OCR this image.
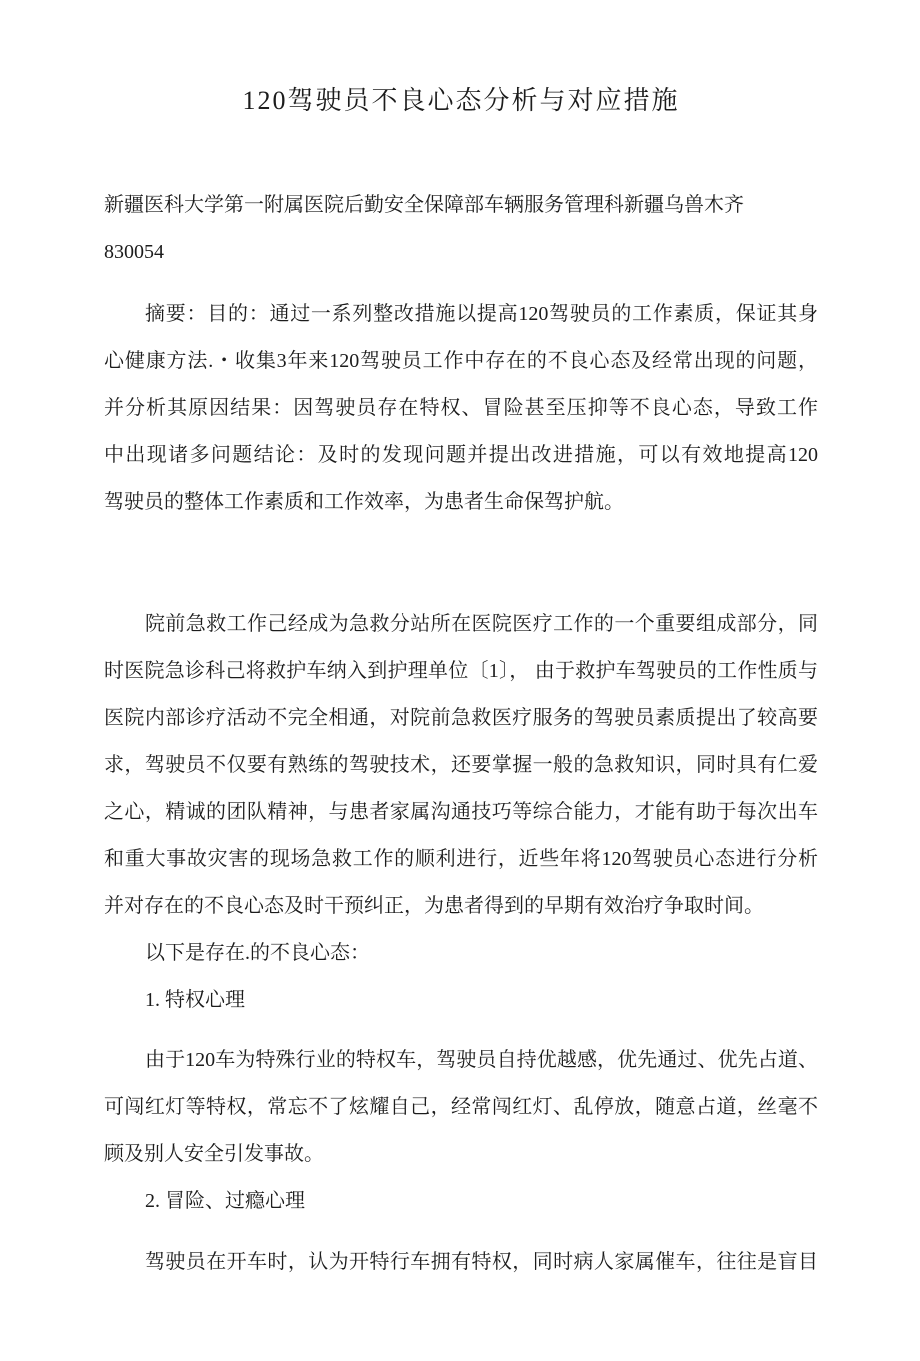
120驾驶员不良心态分析与对应措施
新疆医科大学第一附属医院后勤安全保障部车辆服务管理科新疆乌兽木齐
830054
摘要：目的：通过一系列整改措施以提高120驾驶员的工作素质，保证其身
心健康方法.・收集3年来120驾驶员工作中存在的不良心态及经常出现的问题，
并分析其原因结果：因驾驶员存在特权、冒险甚至压抑等不良心态，导致工作
中出现诸多问题结论：及时的发现问题并提出改进措施，可以有效地提高120
驾驶员的整体工作素质和工作效率，为患者生命保驾护航。
院前急救工作己经成为急救分站所在医院医疗工作的一个重要组成部分，同
时医院急诊科己将救护车纳入到护理单位〔1〕， 由于救护车驾驶员的工作性质与
医院内部诊疗活动不完全相通，对院前急救医疗服务的驾驶员素质提出了较高要
求，驾驶员不仅要有熟练的驾驶技术，还要掌握一般的急救知识，同时具有仁爱
之心，精诚的团队精神，与患者家属沟通技巧等综合能力，才能有助于每次出车
和重大事故灾害的现场急救工作的顺利进行，近些年将120驾驶员心态进行分析
并对存在的不良心态及时干预纠正，为患者得到的早期有效治疗争取时间。
以下是存在.的不良心态：
1. 特权心理
由于120车为特殊行业的特权车，驾驶员自持优越感，优先通过、优先占道、
可闯红灯等特权，常忘不了炫耀自己，经常闯红灯、乱停放，随意占道，丝毫不
顾及别人安全引发事故。
2. 冒险、过瘾心理
驾驶员在开车时，认为开特行车拥有特权，同时病人家属催车，往往是盲目
